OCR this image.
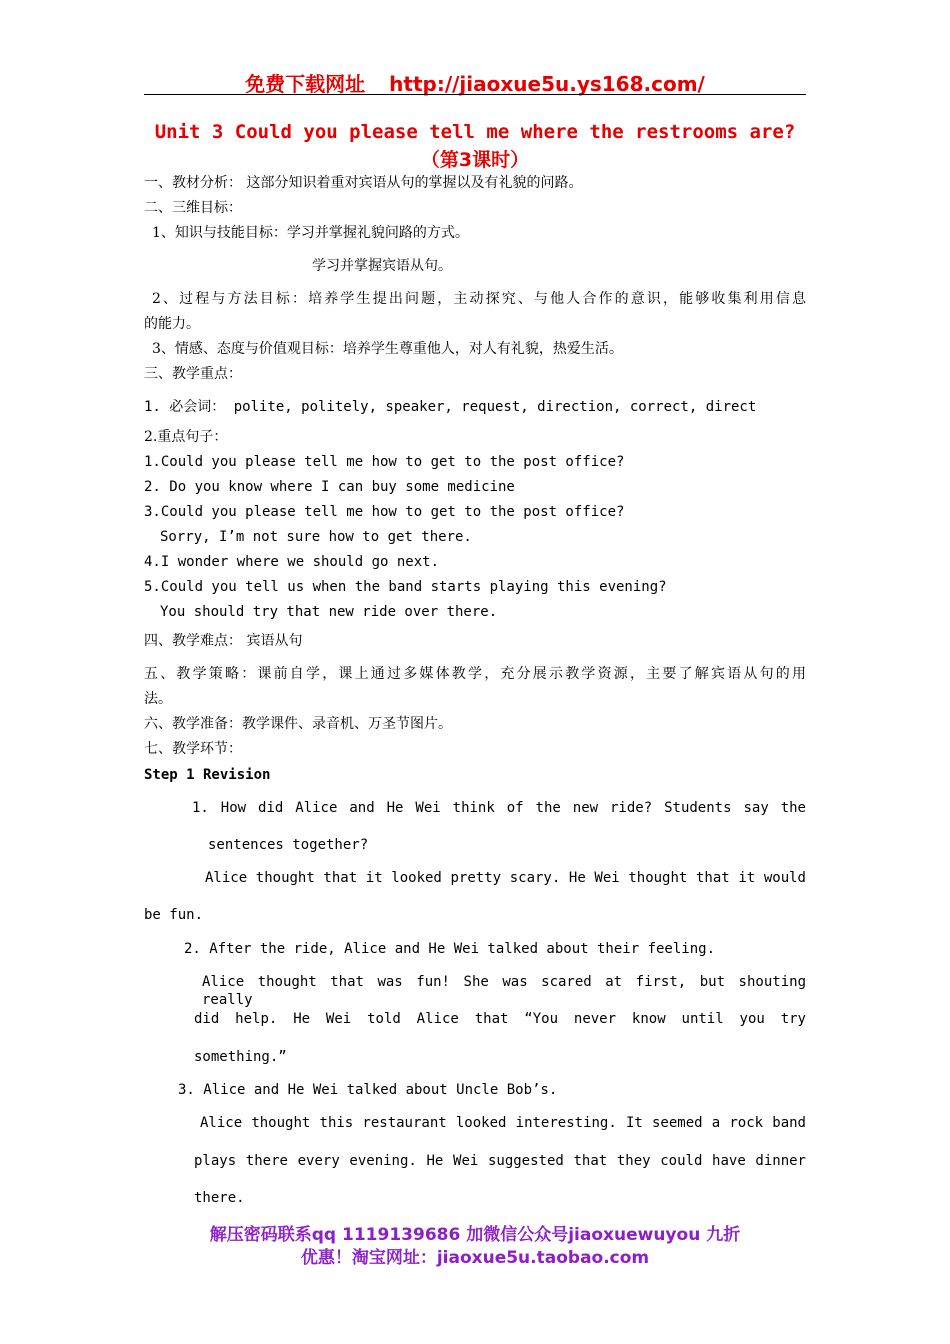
免费下载网址 http://jiaoxue5u.ys168.com/
Unit 3 Could you please tell me where the restrooms are?
（第3课时）
一、教材分析： 这部分知识着重对宾语从句的掌握以及有礼貌的问路。
二、三维目标：
1、知识与技能目标：学习并掌握礼貌问路的方式。
学习并掌握宾语从句。
2、过程与方法目标：培养学生提出问题，主动探究、与他人合作的意识，能够收集利用信息
的能力。
3、情感、态度与价值观目标：培养学生尊重他人，对人有礼貌，热爱生活。
三、教学重点：
1. 必会词： polite, politely, speaker, request, direction, correct, direct
2.重点句子：
1.Could you please tell me how to get to the post office?
2. Do you know where I can buy some medicine
3.Could you please tell me how to get to the post office?
Sorry, I’m not sure how to get there.
4.I wonder where we should go next.
5.Could you tell us when the band starts playing this evening?
You should try that new ride over there.
四、教学难点： 宾语从句
五、教学策略：课前自学，课上通过多媒体教学，充分展示教学资源，主要了解宾语从句的用
法。
六、教学准备：教学课件、录音机、万圣节图片。
七、教学环节：
Step 1 Revision
1. How did Alice and He Wei think of the new ride? Students say the
sentences together?
Alice thought that it looked pretty scary. He Wei thought that it would
be fun.
2. After the ride, Alice and He Wei talked about their feeling.
Alice thought that was fun! She was scared at first, but shouting really
did help. He Wei told Alice that “You never know until you try
something.”
3. Alice and He Wei talked about Uncle Bob’s.
Alice thought this restaurant looked interesting. It seemed a rock band
plays there every evening. He Wei suggested that they could have dinner
there.
解压密码联系qq 1119139686 加微信公众号jiaoxuewuyou 九折
优惠！淘宝网址：jiaoxue5u.taobao.com
